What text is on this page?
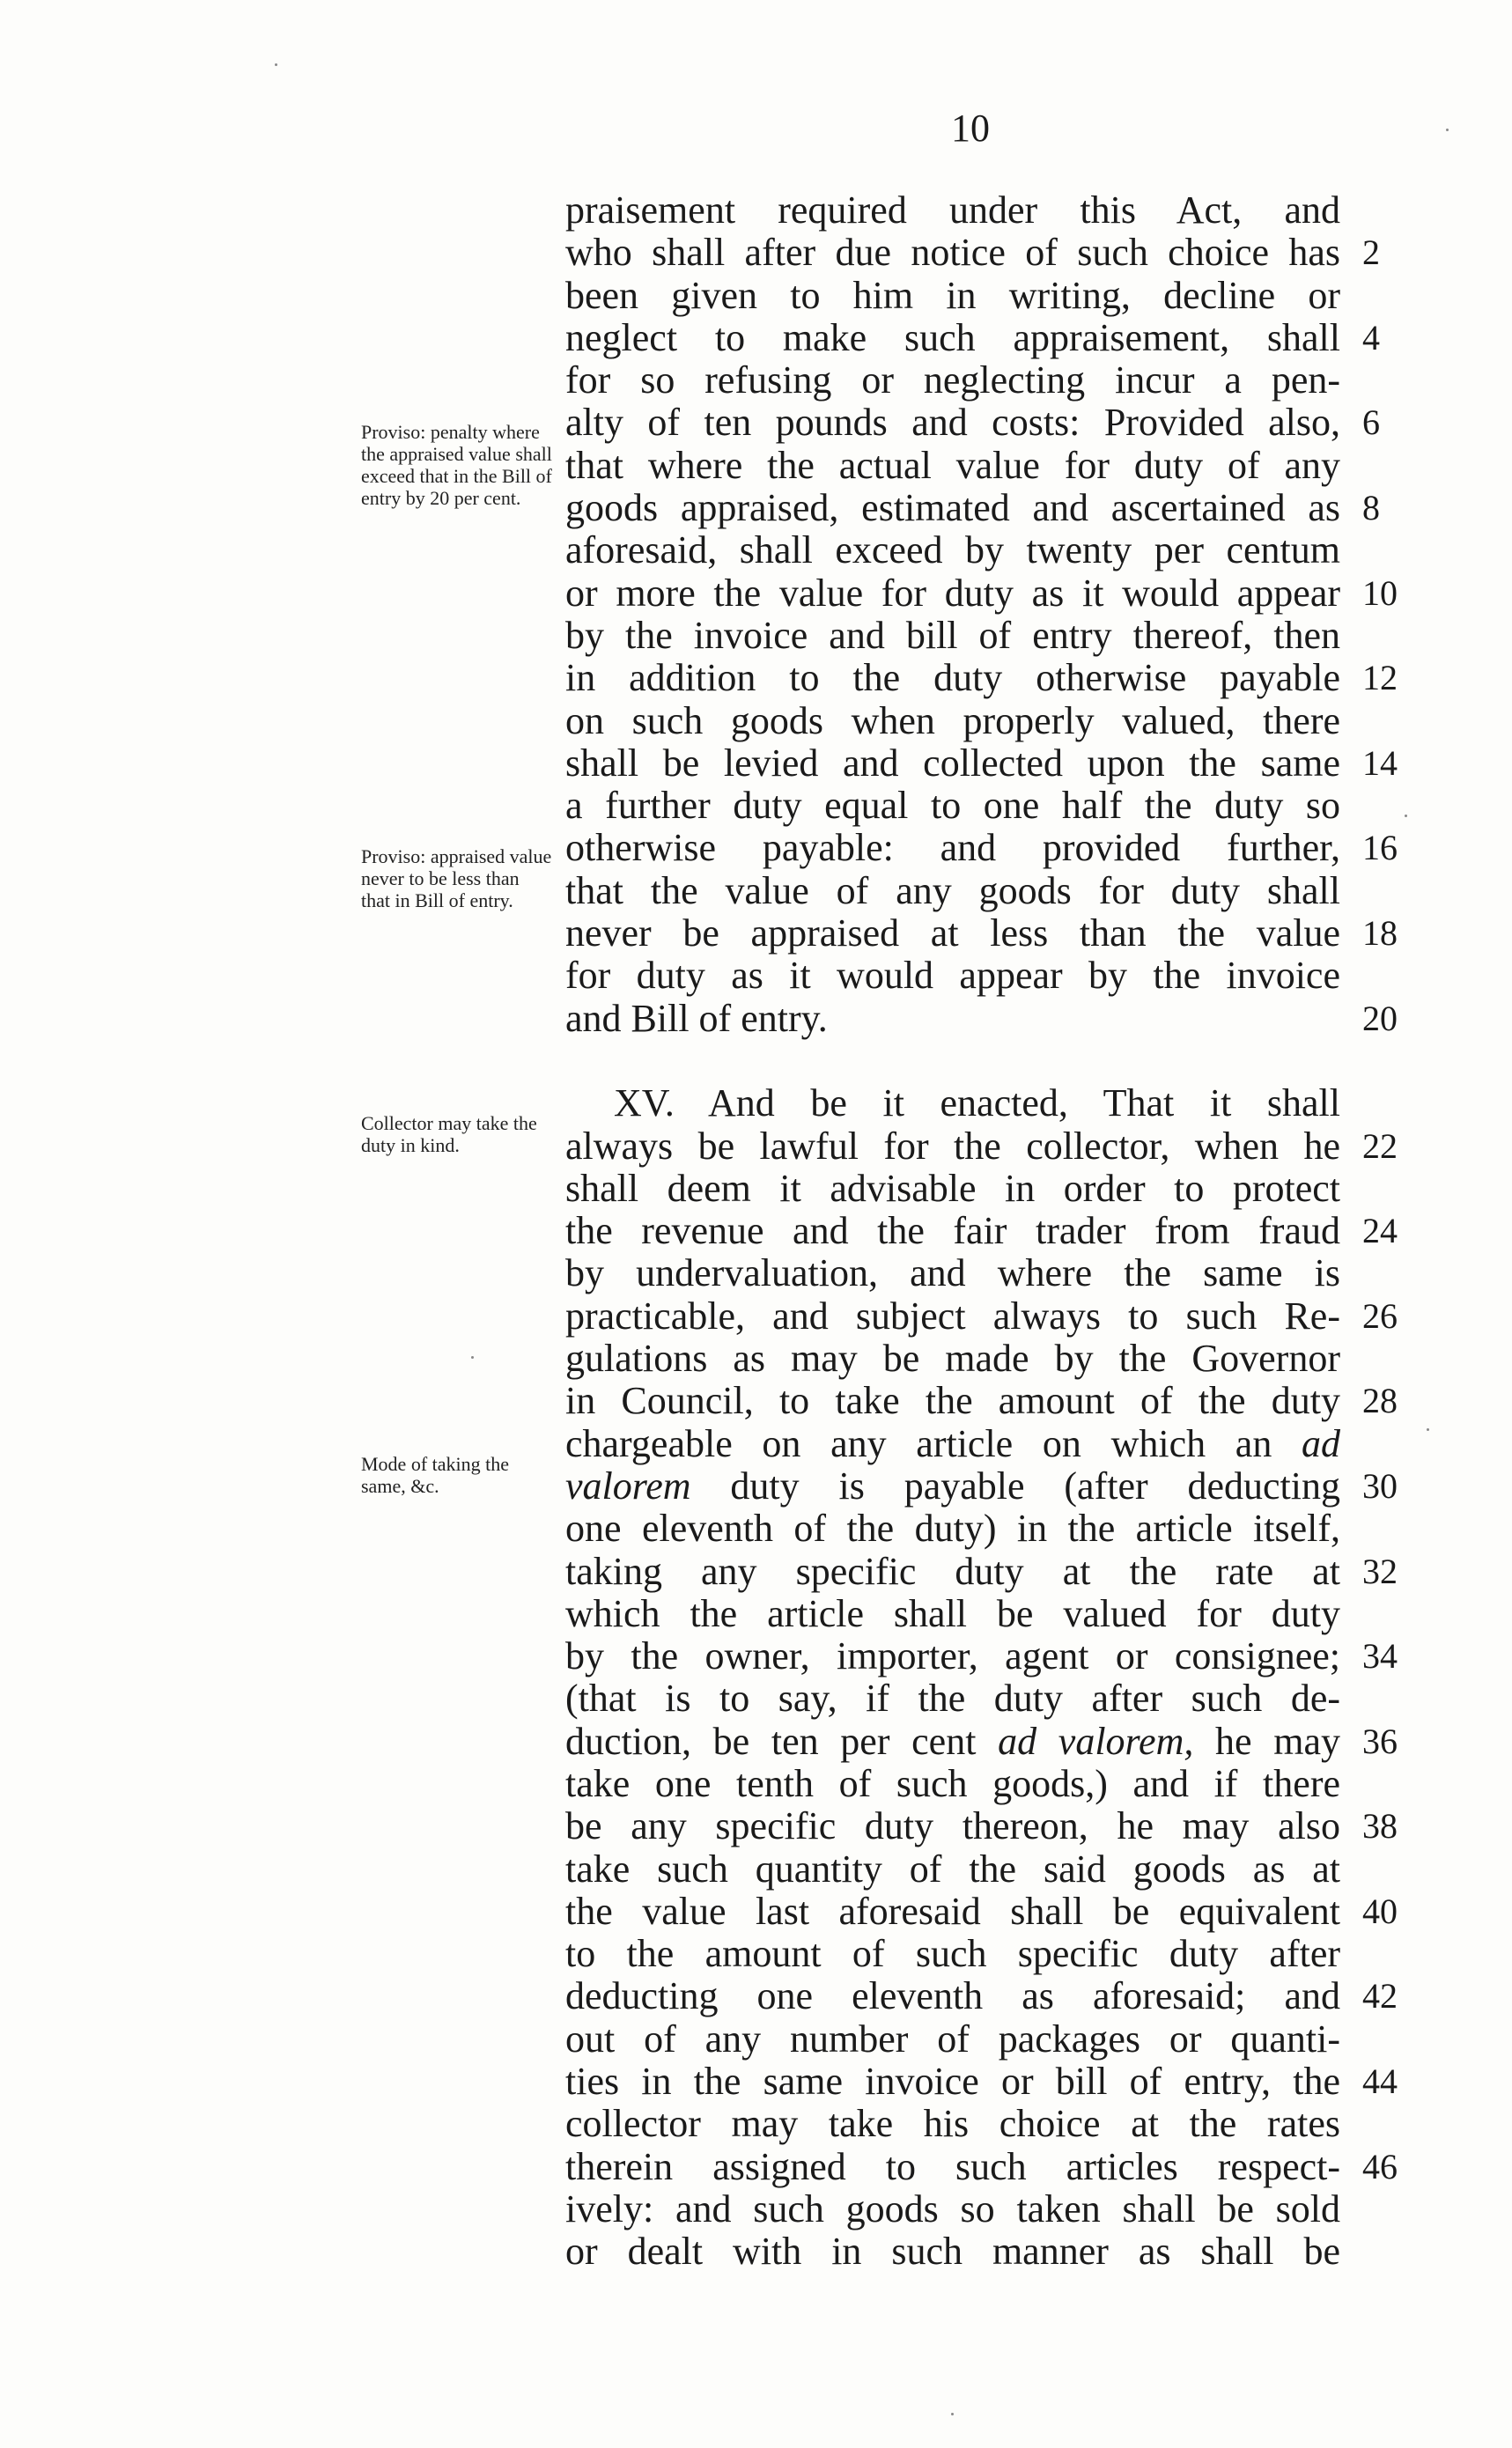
10
Proviso: penalty where the appraised value shall exceed that in the Bill of entry by 20 per cent.
Proviso: appraised value never to be less than that in Bill of entry.
Collector may take the duty in kind.
Mode of taking the same, &c.
praisement required under this Act, and
who shall after due notice of such choice has 2
been given to him in writing, decline or
neglect to make such appraisement, shall 4
for so refusing or neglecting incur a pen-
alty of ten pounds and costs: Provided also, 6
that where the actual value for duty of any
goods appraised, estimated and ascertained as 8
aforesaid, shall exceed by twenty per centum
or more the value for duty as it would appear 10
by the invoice and bill of entry thereof, then
in addition to the duty otherwise payable 12
on such goods when properly valued, there
shall be levied and collected upon the same 14
a further duty equal to one half the duty so
otherwise payable: and provided further, 16
that the value of any goods for duty shall
never be appraised at less than the value 18
for duty as it would appear by the invoice
and Bill of entry.	20
XV. And be it enacted, That it shall
always be lawful for the collector, when he 22
shall deem it advisable in order to protect
the revenue and the fair trader from fraud 24
by undervaluation, and where the same is
practicable, and subject always to such Re- 26
gulations as may be made by the Governor
in Council, to take the amount of the duty 28
chargeable on any article on which an ad
valorem duty is payable (after deducting 30
one eleventh of the duty) in the article itself,
taking any specific duty at the rate at 32
which the article shall be valued for duty
by the owner, importer, agent or consignee; 34
(that is to say, if the duty after such de-
duction, be ten per cent ad valorem, he may 36
take one tenth of such goods,) and if there
be any specific duty thereon, he may also 38
take such quantity of the said goods as at
the value last aforesaid shall be equivalent 40
to the amount of such specific duty after
deducting one eleventh as aforesaid; and 42
out of any number of packages or quanti-
ties in the same invoice or bill of entry, the 44
collector may take his choice at the rates
therein assigned to such articles respect- 46
ively: and such goods so taken shall be sold
or dealt with in such manner as shall be
